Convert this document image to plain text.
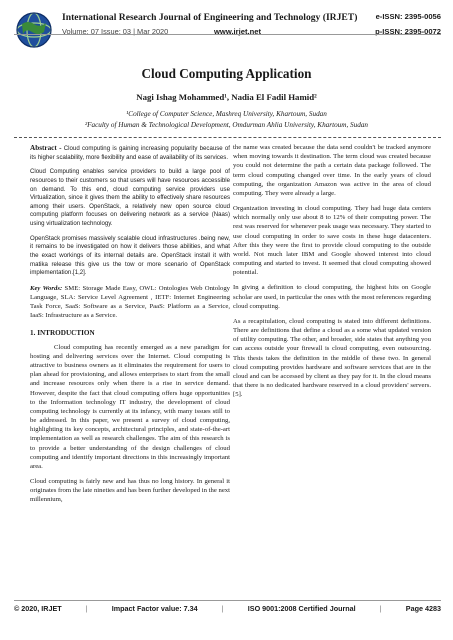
International Research Journal of Engineering and Technology (IRJET)
Volume: 07 Issue: 03 | Mar 2020	www.irjet.net
e-ISSN: 2395-0056
p-ISSN: 2395-0072
Cloud Computing Application
Nagi Ishag Mohammed¹, Nadia El Fadil Hamid²
¹College of Computer Science, Mashreq University, Khartoum, Sudan
²Faculty of Human & Technological Development, Omdurman Ahlia University, Khartoum, Sudan

Abstract - Cloud computing is gaining increasing popularity because of its higher scalability, more flexibility and ease of availability of its services.

Cloud Computing enables service providers to build a large pool of resources to their customers so that users will have resources accessible on demand. To this end, cloud computing service providers use Virtualization, since it gives them the ability to effectively share resources among their users. OpenStack, a relatively new open source cloud computing platform focuses on delivering network as a service (Naas) using virtualization technology.

OpenStack promises massively scalable cloud infrastructures .being new, it remains to be investigated on how it delivers those abilities, and what the exact workings of its internal details are. OpenStack install it with matika release this give us the tow or more scenario of OpenStack implementation.[1,2].

Key Words: SME: Storage Made Easy, OWL: Ontologies Web Ontology Language, SLA: Service Level Agreement , IETF: Internet Engineering Task Force, SaaS: Software as a Service, PaaS: Platform as a Service, IaaS: Infrastructure as a Service.

1. INTRODUCTION

Cloud computing has recently emerged as a new paradigm for hosting and delivering services over the Internet. Cloud computing is attractive to business owners as it eliminates the requirement for users to plan ahead for provisioning, and allows enterprises to start from the small and increase resources only when there is a rise in service demand. However, despite the fact that cloud computing offers huge opportunities to the Information technology IT industry, the development of cloud computing technology is currently at its infancy, with many issues still to be addressed. In this paper, we present a survey of cloud computing, highlighting its key concepts, architectural principles, and state-of-the-art implementation as well as research challenges. The aim of this research is to provide a better understanding of the design challenges of cloud computing and identify important directions in this increasingly important area.

Cloud computing is fairly new and has thus no long history. In general it originates from the late nineties and has been further developed in the next millennium,

the name was created because the data send couldn't be tracked anymore when moving towards it destination. The term cloud was created because you could not determine the path a certain data package followed. The term cloud computing changed over time. In the early years of cloud computing, the organization Amazon was active in the area of cloud computing. They were already a large.

Organization investing in cloud computing. They had huge data centers which normally only use about 8 to 12% of their computing power. The rest was reserved for whenever peak usage was necessary. They started to use cloud computing in order to save costs in these huge datacenters. After this they were the first to provide cloud computing to the outside world. Not much later IBM and Google showed interest into cloud computing and started to invest. It seemed that cloud computing showed potential.

In giving a definition to cloud computing, the highest hits on Google scholar are used, in particular the ones with the most references regarding cloud computing.

As a recapitulation, cloud computing is stated into different definitions. There are definitions that define a cloud as a some what updated version of utility computing. The other, and broader, side states that anything you can access outside your firewall is cloud computing, even outsourcing. This thesis takes the definition in the middle of these two. In general cloud computing provides hardware and software services that are in the cloud and can be accessed by client as they pay for it. In the cloud means that there is no dedicated hardware reserved in a cloud providers' servers.[5].

© 2020, IRJET	|	Impact Factor value: 7.34	|	ISO 9001:2008 Certified Journal	|	Page 4283
